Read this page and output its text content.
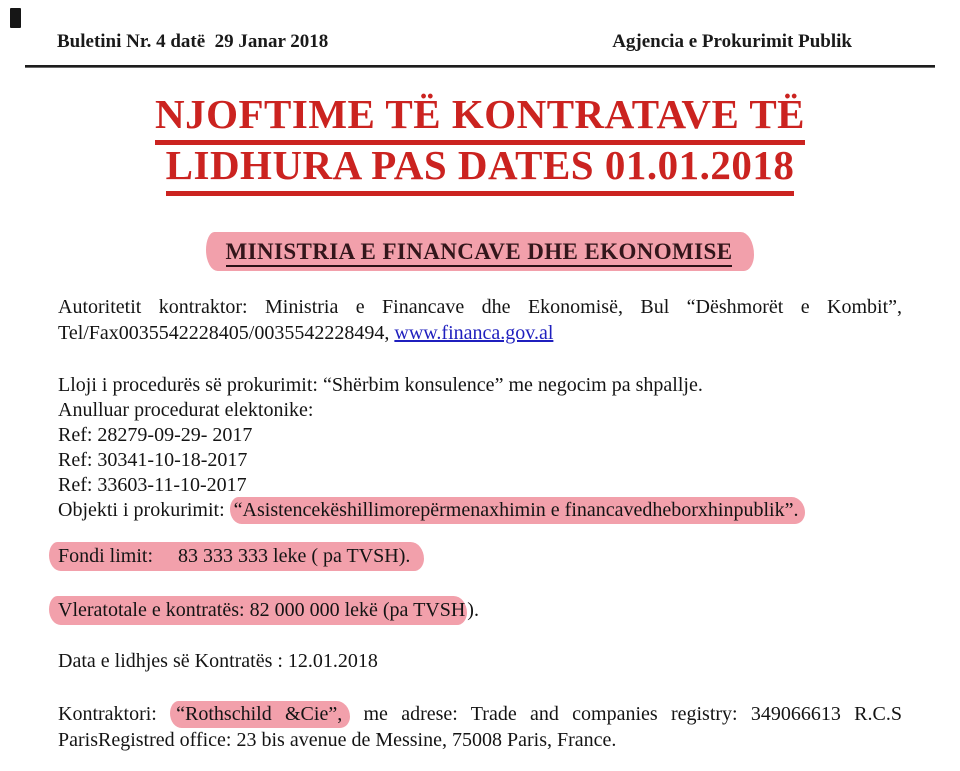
Buletini Nr. 4 datë  29 Janar 2018	Agjencia e Prokurimit Publik
NJOFTIME TË KONTRATAVE TË
LIDHURA PAS DATES 01.01.2018
MINISTRIA E FINANCAVE DHE EKONOMISE
Autoritetit kontraktor: Ministria e Financave dhe Ekonomisë, Bul “Dëshmorët e Kombit”, Tel/Fax0035542228405/0035542228494, www.financa.gov.al
Lloji i procedurës së prokurimit: “Shërbim konsulence” me negocim pa shpallje.
Anulluar procedurat elektonike:
Ref: 28279-09-29- 2017
Ref: 30341-10-18-2017
Ref: 33603-11-10-2017
Objekti i prokurimit: “Asistencekëshillimorepërmenaxhimin e financavedheborxhinpublik”.
Fondi limit:     83 333 333 leke ( pa TVSH).
Vleratotale e kontratës: 82 000 000 lekë (pa TVSH ).
Data e lidhjes së Kontratës : 12.01.2018
Kontraktori: “Rothschild &Cie”, me adrese: Trade and companies registry: 349066613 R.C.S ParisRegistred office: 23 bis avenue de Messine, 75008 Paris, France.
